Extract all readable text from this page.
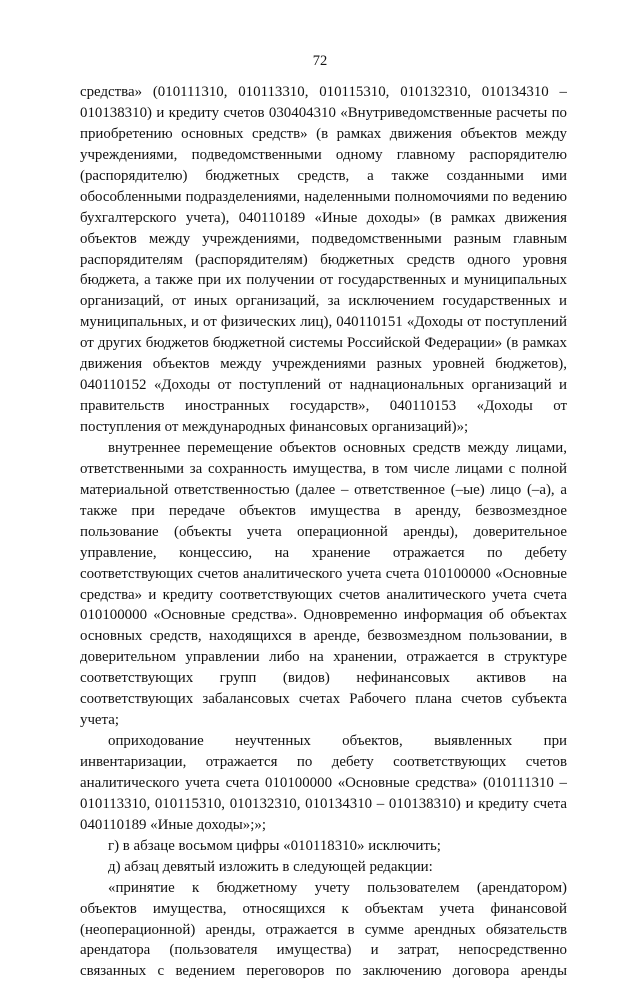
72
средства» (010111310, 010113310, 010115310, 010132310, 010134310 –
010138310) и кредиту счетов 030404310 «Внутриведомственные расчеты по
приобретению основных средств» (в рамках движения объектов между
учреждениями, подведомственными одному главному распорядителю
(распорядителю) бюджетных средств, а также созданными ими
обособленными подразделениями, наделенными полномочиями по ведению
бухгалтерского учета), 040110189 «Иные доходы» (в рамках движения
объектов между учреждениями, подведомственными разным главным
распорядителям (распорядителям) бюджетных средств одного уровня
бюджета, а также при их получении от государственных и муниципальных
организаций, от иных организаций, за исключением государственных и
муниципальных, и от физических лиц), 040110151 «Доходы от поступлений
от других бюджетов бюджетной системы Российской Федерации» (в рамках
движения объектов между учреждениями разных уровней бюджетов),
040110152 «Доходы от поступлений от наднациональных организаций и
правительств иностранных государств», 040110153 «Доходы от
поступления от международных финансовых организаций)»;
внутреннее перемещение объектов основных средств между лицами,
ответственными за сохранность имущества, в том числе лицами с полной
материальной ответственностью (далее – ответственное (–ые) лицо (–а), а
также при передаче объектов имущества в аренду, безвозмездное
пользование (объекты учета операционной аренды), доверительное
управление, концессию, на хранение отражается по дебету
соответствующих счетов аналитического учета счета 010100000 «Основные
средства» и кредиту соответствующих счетов аналитического учета счета
010100000 «Основные средства». Одновременно информация об объектах
основных средств, находящихся в аренде, безвозмездном пользовании, в
доверительном управлении либо на хранении, отражается в структуре
соответствующих групп (видов) нефинансовых активов на
соответствующих забалансовых счетах Рабочего плана счетов субъекта
учета;
оприходование неучтенных объектов, выявленных при
инвентаризации, отражается по дебету соответствующих счетов
аналитического учета счета 010100000 «Основные средства» (010111310 –
010113310, 010115310, 010132310, 010134310 – 010138310) и кредиту счета
040110189 «Иные доходы»;»;
г) в абзаце восьмом цифры «010118310» исключить;
д) абзац девятый изложить в следующей редакции:
«принятие к бюджетному учету пользователем (арендатором)
объектов имущества, относящихся к объектам учета финансовой
(неоперационной) аренды, отражается в сумме арендных обязательств
арендатора (пользователя имущества) и затрат, непосредственно
связанных с ведением переговоров по заключению договора аренды
